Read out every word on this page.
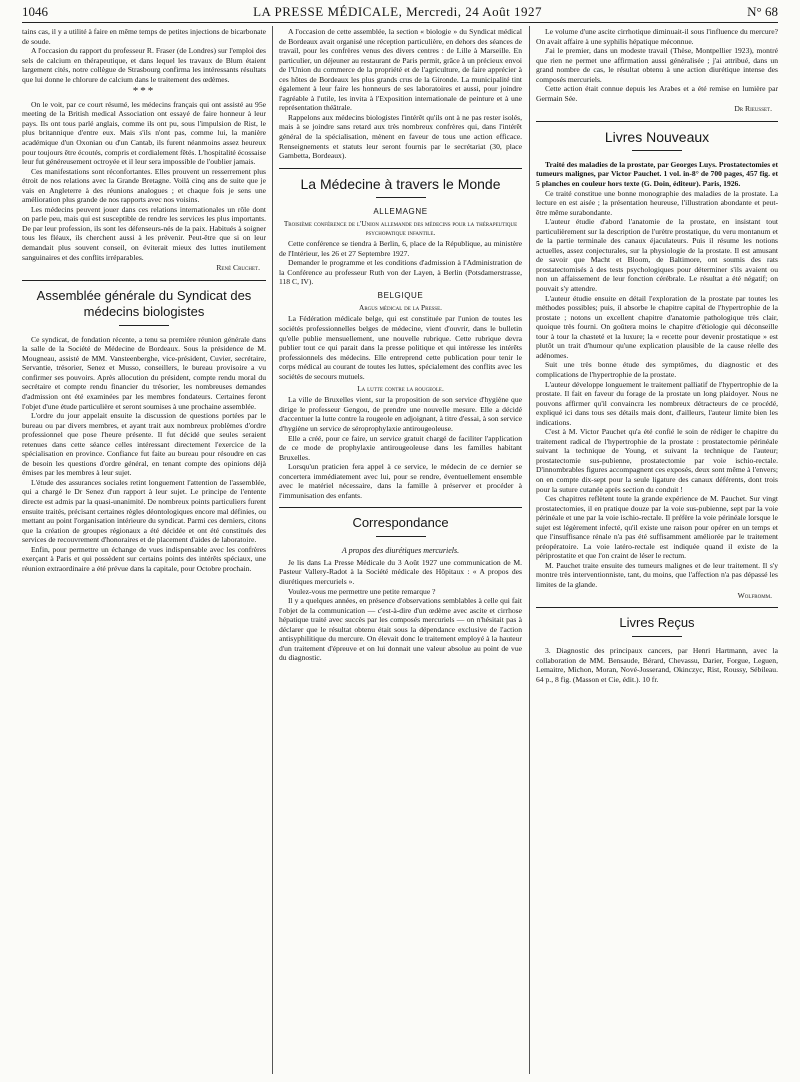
1046	LA PRESSE MÉDICALE, Mercredi, 24 Août 1927	N° 68

tains cas, il y a utilité à faire en même temps de petites injections de bicarbonate de soude.

A l'occasion du rapport du professeur R. Fraser (de Londres) sur l'emploi des sels de calcium en thérapeutique, et dans lequel les travaux de Blum étaient largement cités, notre collègue de Strasbourg confirma les intéressants résultats que lui donne le chlorure de calcium dans le traitement des œdèmes.

***

On le voit, par ce court résumé, les médecins français qui ont assisté au 95e meeting de la British medical Association ont essayé de faire honneur à leur pays. Ils ont tous parlé anglais, comme ils ont pu, sous l'impulsion de Rist, le plus britannique d'entre eux. Mais s'ils n'ont pas, comme lui, la manière académique d'un Oxonian ou d'un Cantab, ils furent néanmoins assez heureux pour toujours être écoutés, compris et cordialement fêtés. L'hospitalité écossaise leur fut généreusement octroyée et il leur sera impossible de l'oublier jamais.

Ces manifestations sont réconfortantes. Elles prouvent un resserrement plus étroit de nos relations avec la Grande Bretagne. Voilà cinq ans de suite que je vais en Angleterre à des réunions analogues ; et chaque fois je sens une amélioration plus grande de nos rapports avec nos voisins.

Les médecins peuvent jouer dans ces relations internationales un rôle dont on parle peu, mais qui est susceptible de rendre les services les plus importants. De par leur profession, ils sont les défenseurs-nés de la paix. Habitués à soigner tous les fléaux, ils cherchent aussi à les prévenir. Peut-être que si on leur demandait plus souvent conseil, on éviterait mieux des luttes inutilement sanguinaires et des conflits irréparables.

René Cruchet.
Assemblée générale du Syndicat des médecins biologistes

Ce syndicat, de fondation récente, a tenu sa première réunion générale dans la salle de la Société de Médecine de Bordeaux. Sous la présidence de M. Mougneau, assisté de MM. Vansteenberghe, vice-président, Cuvier, secrétaire, Servantie, trésorier, Senez et Musso, conseillers, le bureau provisoire a vu confirmer ses pouvoirs. Après allocution du président, compte rendu moral du secrétaire et compte rendu financier du trésorier, les nombreuses demandes d'admission ont été examinées par les membres fondateurs. Certaines feront l'objet d'une étude particulière et seront soumises à une prochaine assemblée.

L'ordre du jour appelait ensuite la discussion de questions portées par le bureau ou par divers membres, et ayant trait aux nombreux problèmes d'ordre professionnel que pose l'heure présente. Il fut décidé que seules seraient retenues dans cette séance celles intéressant directement l'exercice de la spécialisation en province. Confiance fut faite au bureau pour résoudre en cas de besoin les questions d'ordre général, en tenant compte des opinions déjà émises par les membres à leur sujet.

L'étude des assurances sociales retint longuement l'attention de l'assemblée, qui a chargé le Dr Senez d'un rapport à leur sujet. Le principe de l'entente directe est admis par la quasi-unanimité. De nombreux points particuliers furent ensuite traités, précisant certaines règles déontologiques encore mal définies, ou mettant au point l'organisation intérieure du syndicat. Parmi ces derniers, citons que la création de groupes régionaux a été décidée et ont été constitués des services de recouvrement d'honoraires et de placement d'aides de laboratoire.

Enfin, pour permettre un échange de vues indispensable avec les confrères exerçant à Paris et qui possèdent sur certains points des intérêts spéciaux, une réunion extraordinaire a été prévue dans la capitale, pour Octobre prochain.

A l'occasion de cette assemblée, la section « biologie » du Syndicat médical de Bordeaux avait organisé une réception particulière, en dehors des séances de travail, pour les confrères venus des divers centres : de Lille à Marseille. En particulier, un déjeuner au restaurant de Paris permit, grâce à un précieux envoi de l'Union du commerce de la propriété et de l'agriculture, de faire apprécier à ces hôtes de Bordeaux les plus grands crus de la Gironde. La municipalité tint également à leur faire les honneurs de ses laboratoires et aussi, pour joindre l'agréable à l'utile, les invita à l'Exposition internationale de peinture et à une représentation théâtrale.

Rappelons aux médecins biologistes l'intérêt qu'ils ont à ne pas rester isolés, mais à se joindre sans retard aux très nombreux confrères qui, dans l'intérêt général de la spécialisation, mènent en faveur de tous une action efficace. Renseignements et statuts leur seront fournis par le secrétariat (30, place Gambetta, Bordeaux).

La Médecine à travers le Monde
ALLEMAGNE
Troisième conférence de l'Union allemande des médecins pour la thérapeutique psychopatique infantile.

Cette conférence se tiendra à Berlin, 6, place de la République, au ministère de l'Intérieur, les 26 et 27 Septembre 1927.

Demander le programme et les conditions d'admission à l'Administration de la Conférence au professeur Ruth von der Layen, à Berlin (Potsdamerstrasse, 118 C, IV).

BELGIQUE
Argus médical de la Presse.

La Fédération médicale belge, qui est constituée par l'union de toutes les sociétés professionnelles belges de médecine, vient d'ouvrir, dans le bulletin qu'elle publie mensuellement, une nouvelle rubrique. Cette rubrique devra publier tout ce qui parait dans la presse politique et qui intéresse les intérêts professionnels des médecins. Elle entreprend cette publication pour tenir le corps médical au courant de toutes les luttes, spécialement des conflits avec les sociétés de secours mutuels.

La lutte contre la rougeole.

La ville de Bruxelles vient, sur la proposition de son service d'hygiène que dirige le professeur Gengou, de prendre une nouvelle mesure. Elle a décidé d'accentuer la lutte contre la rougeole en adjoignant, à titre d'essai, à son service d'hygiène un service de séroprophylaxie antirougeoleuse.

Elle a créé, pour ce faire, un service gratuit chargé de faciliter l'application de ce mode de prophylaxie antirougeoleuse dans les familles habitant Bruxelles.

Lorsqu'un praticien fera appel à ce service, le médecin de ce dernier se concertera immédiatement avec lui, pour se rendre, éventuellement ensemble avec le matériel nécessaire, dans la famille à préserver et procéder à l'immunisation des enfants.

Correspondance
A propos des diurétiques mercuriels.

Je lis dans La Presse Médicale du 3 Août 1927 une communication de M. Pasteur Vallery-Radot à la Société médicale des Hôpitaux : « A propos des diurétiques mercuriels ».

Voulez-vous me permettre une petite remarque ?

Il y a quelques années, en présence d'observations semblables à celle qui fait l'objet de la communication — c'est-à-dire d'un œdème avec ascite et cirrhose hépatique traité avec succès par les composés mercuriels — on n'hésitait pas à déclarer que le résultat obtenu était sous la dépendance exclusive de l'action antisyphilitique du mercure. On élevait donc le traitement employé à la hauteur d'un traitement d'épreuve et on lui donnait une valeur absolue au point de vue du diagnostic.

Le volume d'une ascite cirrhotique diminuait-il sous l'influence du mercure? On avait affaire à une syphilis hépatique méconnue.

J'ai le premier, dans un modeste travail (Thèse, Montpellier 1923), montré que rien ne permet une affirmation aussi généralisée ; j'ai attribué, dans un grand nombre de cas, le résultat obtenu à une action diurétique intense des composés mercuriels.

Cette action était connue depuis les Arabes et a été remise en lumière par Germain Sée.

Dr Rieusset.
Livres Nouveaux

Traité des maladies de la prostate, par Georges Luys. Prostatectomies et tumeurs malignes, par Victor Pauchet. 1 vol. in-8° de 700 pages, 457 fig. et 5 planches en couleur hors texte (G. Doin, éditeur). Paris, 1926.

Ce traité constitue une bonne monographie des maladies de la prostate. La lecture en est aisée ; la présentation heureuse, l'illustration abondante et peut-être même surabondante.

L'auteur étudie d'abord l'anatomie de la prostate, en insistant tout particulièrement sur la description de l'urètre prostatique, du veru montanum et de la partie terminale des canaux éjaculateurs. Puis il résume les notions actuelles, assez conjecturales, sur la physiologie de la prostate. Il est amusant de savoir que Macht et Bloom, de Baltimore, ont soumis des rats prostatectomisés à des tests psychologiques pour déterminer s'ils avaient ou non un affaissement de leur fonction cérébrale. Le résultat a été négatif; on pouvait s'y attendre.

L'auteur étudie ensuite en détail l'exploration de la prostate par toutes les méthodes possibles; puis, il absorbe le chapitre capital de l'hypertrophie de la prostate ; notons un excellent chapitre d'anatomie pathologique très clair, quoique très fourni. On goûtera moins le chapitre d'étiologie qui déconseille tour à tour la chasteté et la luxure; la « recette pour devenir prostatique » est plutôt un trait d'humour qu'une explication plausible de la cause réelle des adénomes.

Suit une très bonne étude des symptômes, du diagnostic et des complications de l'hypertrophie de la prostate.

L'auteur développe longuement le traitement palliatif de l'hypertrophie de la prostate. Il fait en faveur du forage de la prostate un long plaidoyer. Nous ne pouvons affirmer qu'il convaincra les nombreux détracteurs de ce procédé, expliqué ici dans tous ses détails mais dont, d'ailleurs, l'auteur limite bien les indications.

C'est à M. Victor Pauchet qu'a été confié le soin de rédiger le chapitre du traitement radical de l'hypertrophie de la prostate : prostatectomie périnéale suivant la technique de Young, et suivant la technique de l'auteur; prostatectomie sus-pubienne, prostatectomie par voie ischio-rectale. D'innombrables figures accompagnent ces exposés, deux sont même à l'envers; on en compte dix-sept pour la seule ligature des canaux déférents, dont trois pour la suture cutanée après section du conduit !

Ces chapitres reflètent toute la grande expérience de M. Pauchet. Sur vingt prostatectomies, il en pratique douze par la voie sus-pubienne, sept par la voie périnéale et une par la voie ischio-rectale. Il préfère la voie périnéale lorsque le sujet est légèrement infecté, qu'il existe une raison pour opérer en un temps et que l'insuffisance rénale n'a pas été suffisamment améliorée par le traitement préopératoire. La voie latéro-rectale est indiquée quand il existe de la périprostatite et que l'on craint de léser le rectum.

M. Pauchet traite ensuite des tumeurs malignes et de leur traitement. Il s'y montre très interventionniste, tant, du moins, que l'affection n'a pas dépassé les limites de la glande.

Wolfromm.
Livres Reçus

3. Diagnostic des principaux cancers, par Henri Hartmann, avec la collaboration de MM. Bensaude, Bérard, Chevassu, Darier, Forgue, Leguen, Lemaitre, Michon, Moran, Nové-Josserand, Okinczyc, Rist, Roussy, Sébileau. 64 p., 8 fig. (Masson et Cie, édit.). 10 fr.
